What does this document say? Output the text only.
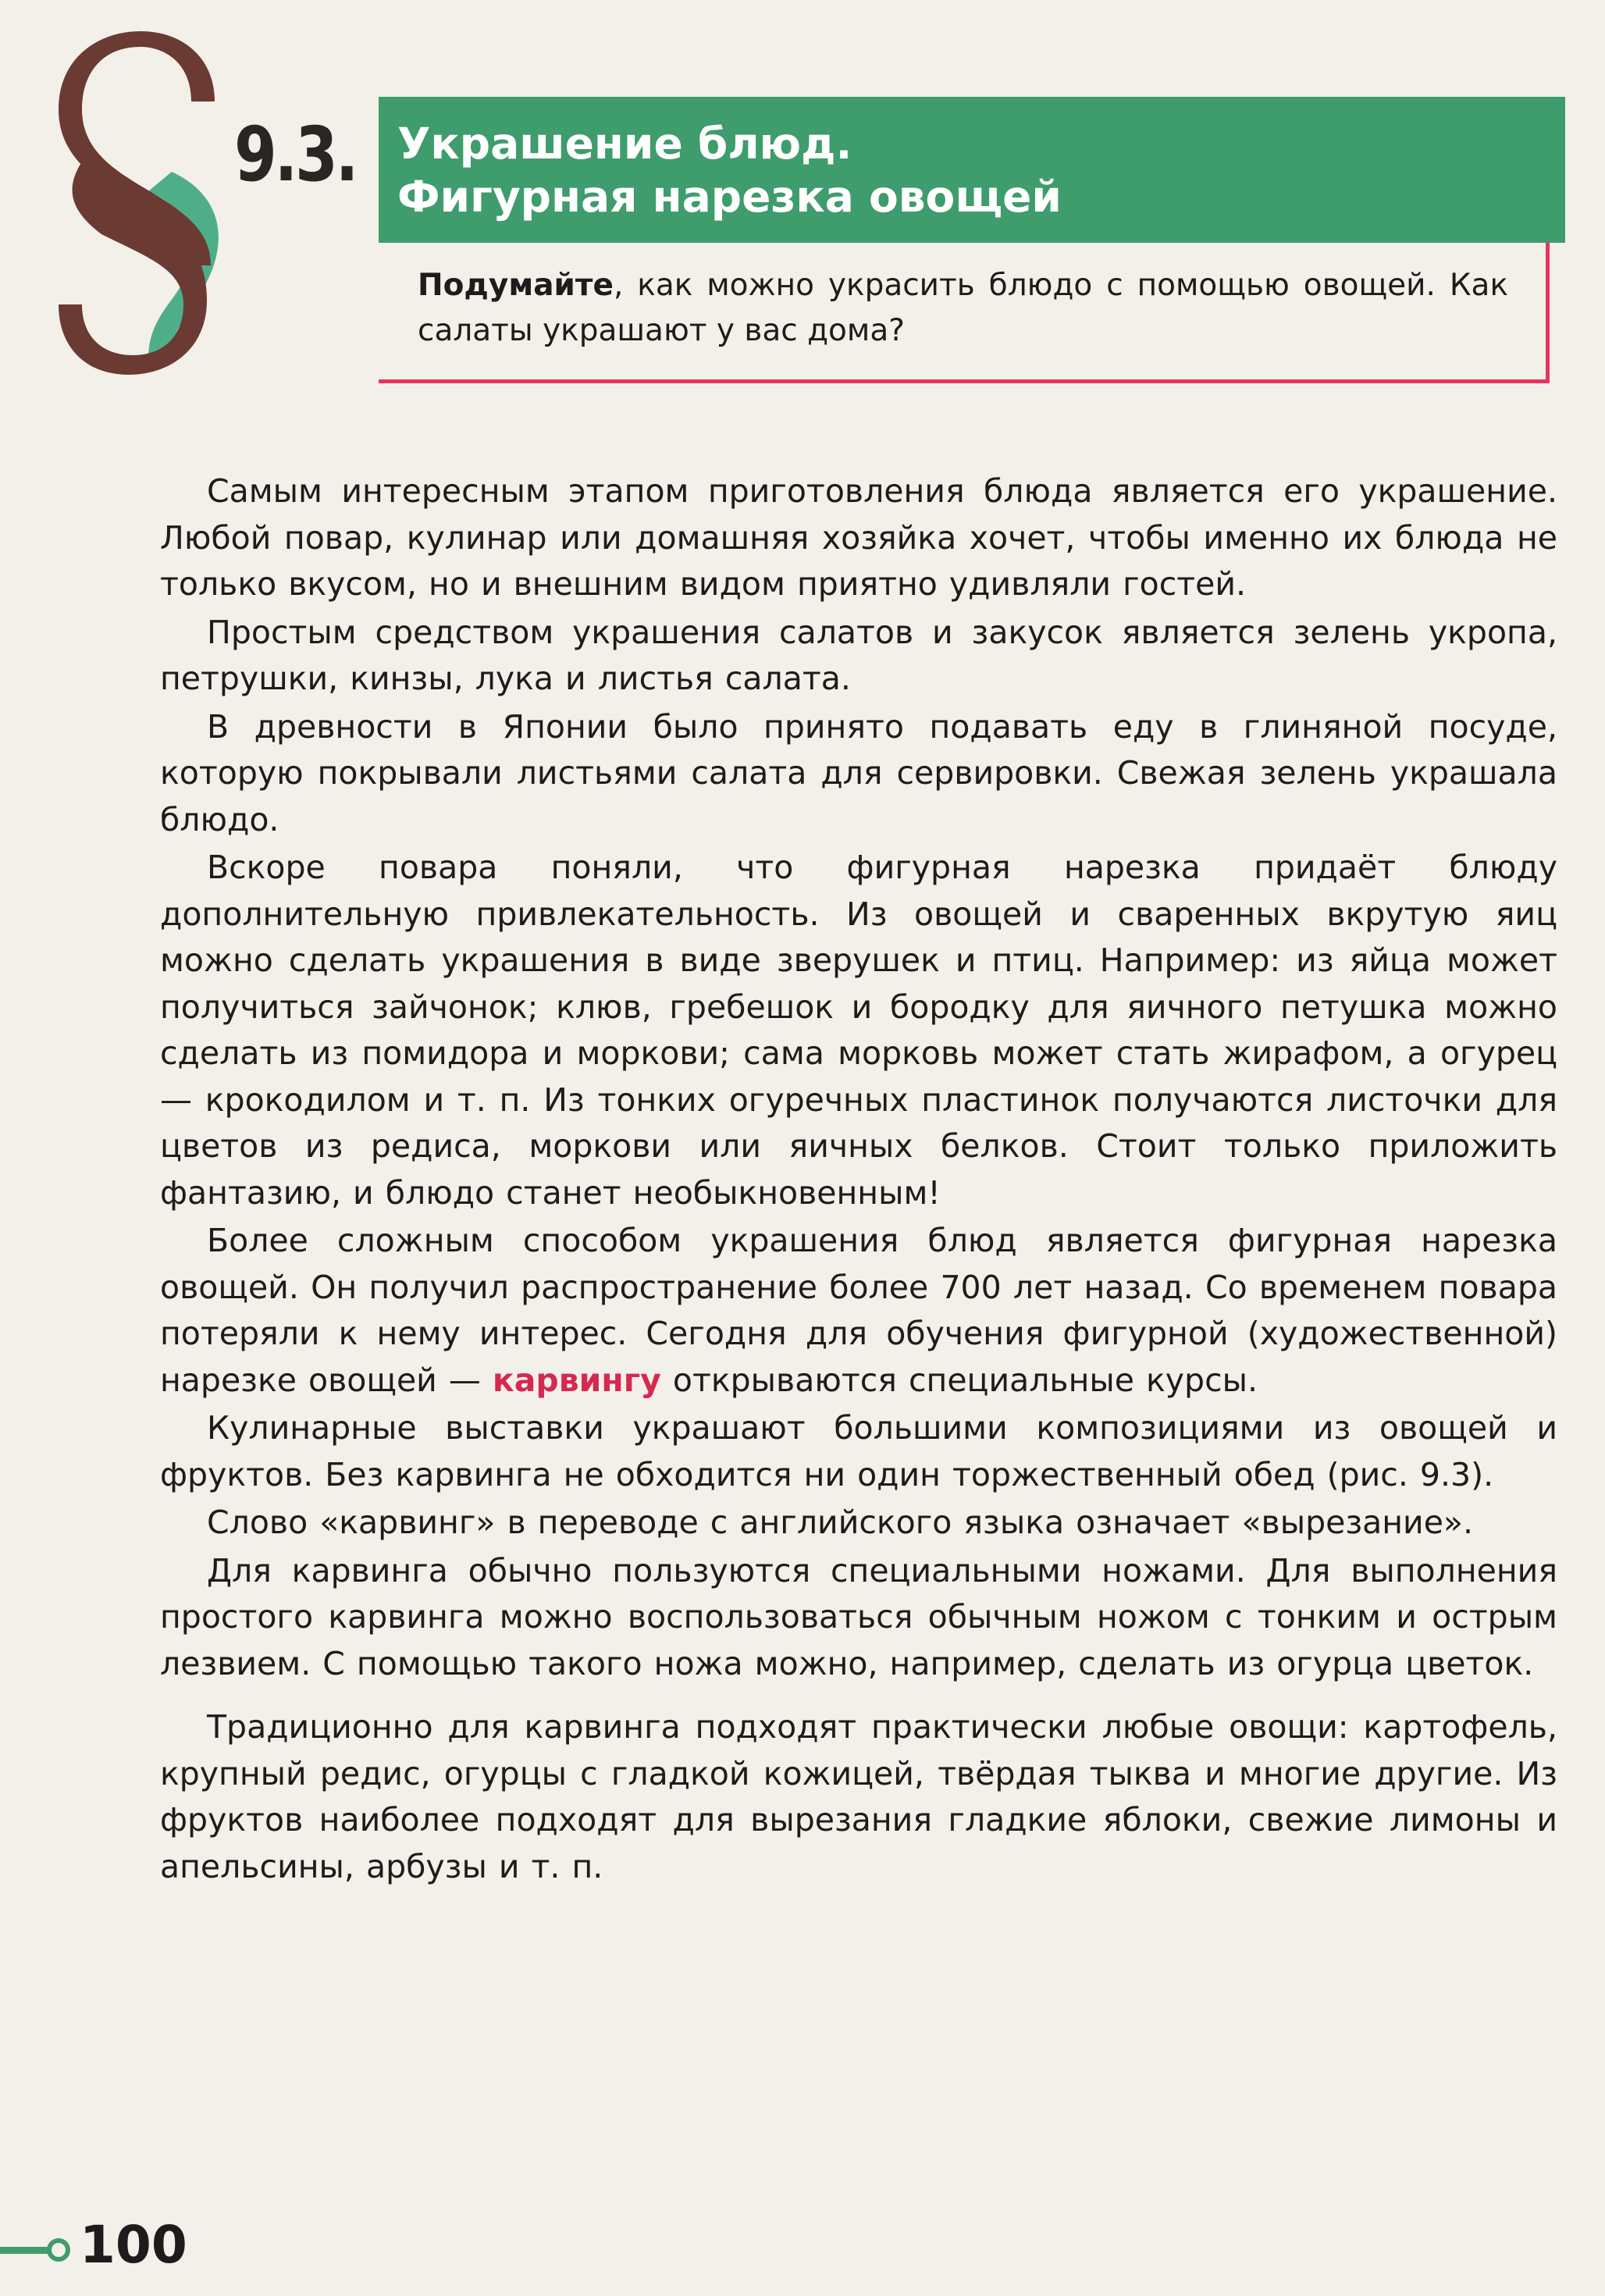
9.3. Украшение блюд.
Фигурная нарезка овощей
Подумайте, как можно украсить блюдо с помощью овощей. Как салаты украшают у вас дома?

Самым интересным этапом приготовления блюда является его украшение. Любой повар, кулинар или домашняя хозяйка хочет, чтобы именно их блюда не только вкусом, но и внешним видом приятно удивляли гостей.

Простым средством украшения салатов и закусок является зелень укропа, петрушки, кинзы, лука и листья салата.

В древности в Японии было принято подавать еду в глиняной посуде, которую покрывали листьями салата для сервировки. Свежая зелень украшала блюдо.

Вскоре повара поняли, что фигурная нарезка придаёт блюду дополнительную привлекательность. Из овощей и сваренных вкрутую яиц можно сделать украшения в виде зверушек и птиц. Например: из яйца может получиться зайчонок; клюв, гребешок и бородку для яичного петушка можно сделать из помидора и моркови; сама морковь может стать жирафом, а огурец — крокодилом и т. п. Из тонких огуречных пластинок получаются листочки для цветов из редиса, моркови или яичных белков. Стоит только приложить фантазию, и блюдо станет необыкновенным!

Более сложным способом украшения блюд является фигурная нарезка овощей. Он получил распространение более 700 лет назад. Со временем повара потеряли к нему интерес. Сегодня для обучения фигурной (художественной) нарезке овощей — карвингу открываются специальные курсы.

Кулинарные выставки украшают большими композициями из овощей и фруктов. Без карвинга не обходится ни один торжественный обед (рис. 9.3).

Слово «карвинг» в переводе с английского языка означает «вырезание».

Для карвинга обычно пользуются специальными ножами. Для выполнения простого карвинга можно воспользоваться обычным ножом с тонким и острым лезвием. С помощью такого ножа можно, например, сделать из огурца цветок.

Традиционно для карвинга подходят практически любые овощи: картофель, крупный редис, огурцы с гладкой кожицей, твёрдая тыква и многие другие. Из фруктов наиболее подходят для вырезания гладкие яблоки, свежие лимоны и апельсины, арбузы и т. п.

100
